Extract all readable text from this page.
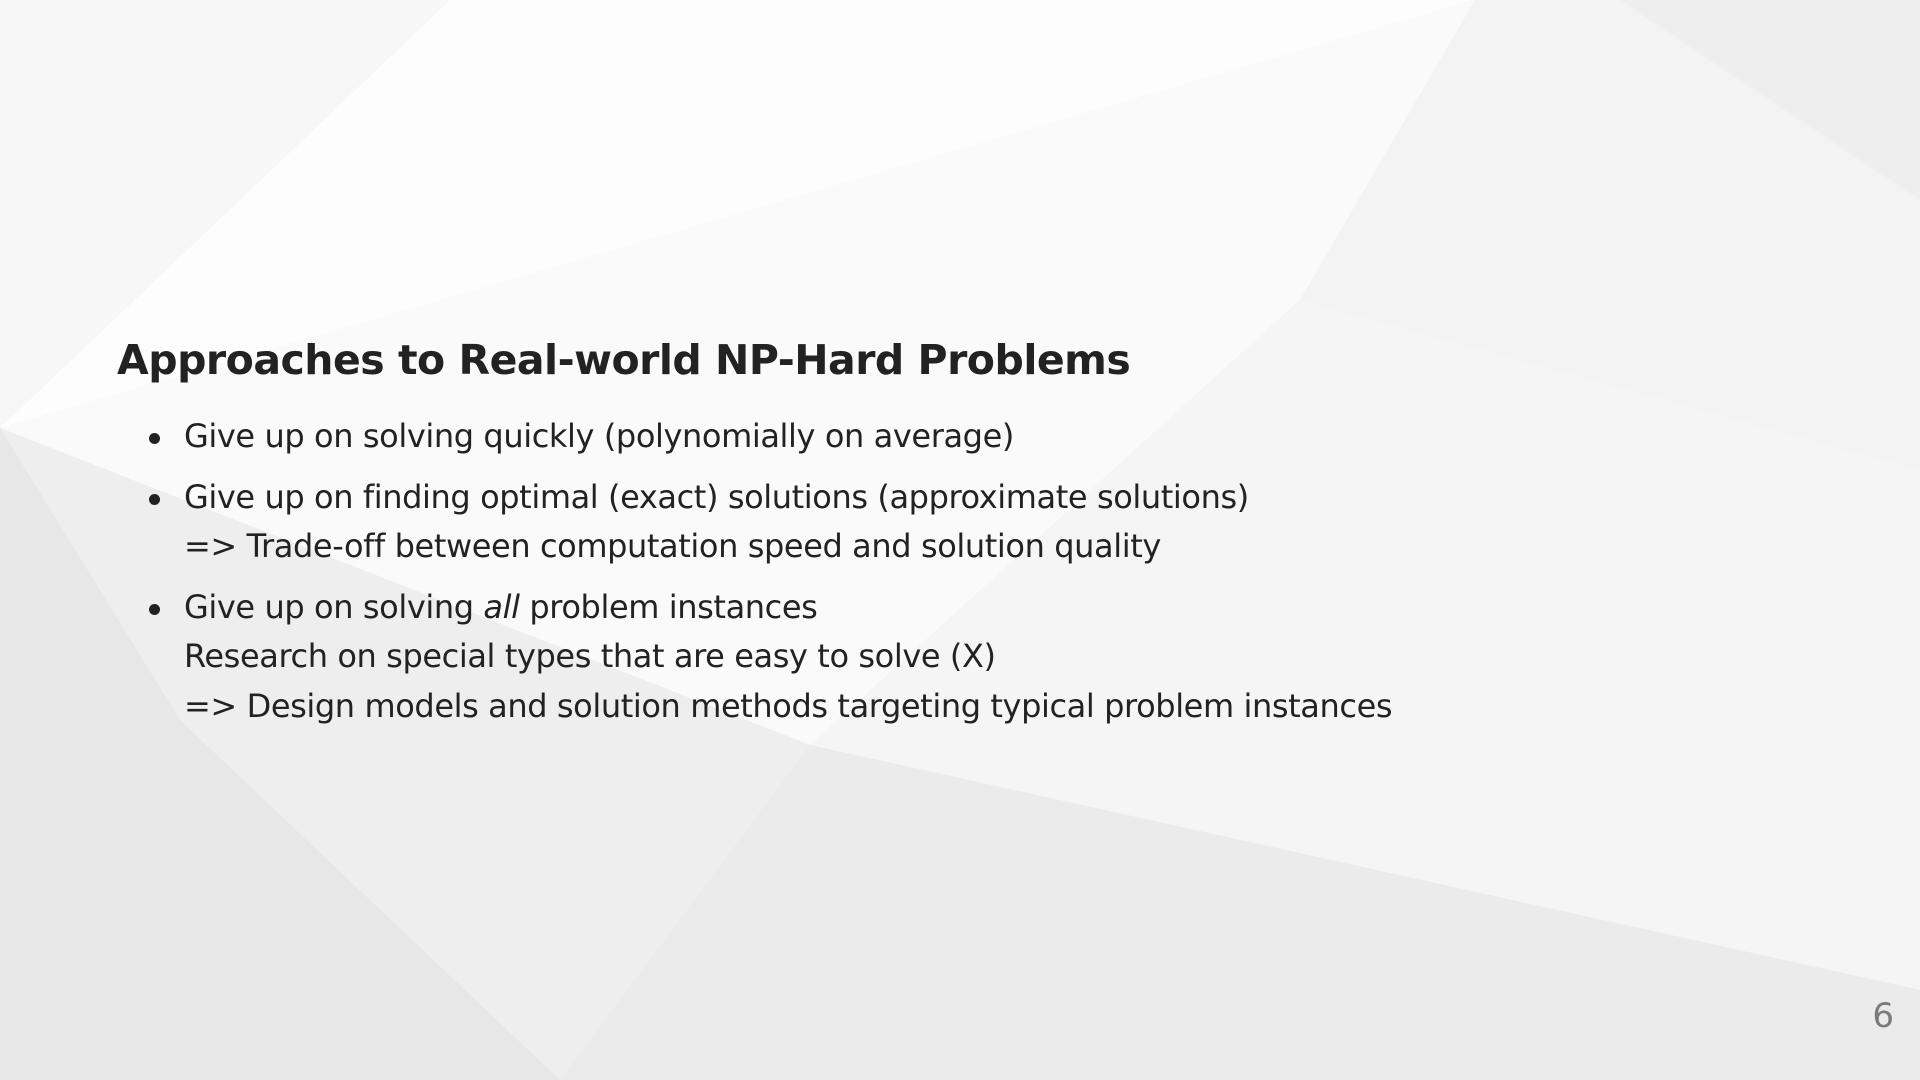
Approaches to Real-world NP-Hard Problems
Give up on solving quickly (polynomially on average)
Give up on finding optimal (exact) solutions (approximate solutions)
=> Trade-off between computation speed and solution quality
Give up on solving all problem instances
Research on special types that are easy to solve (X)
=> Design models and solution methods targeting typical problem instances
6
